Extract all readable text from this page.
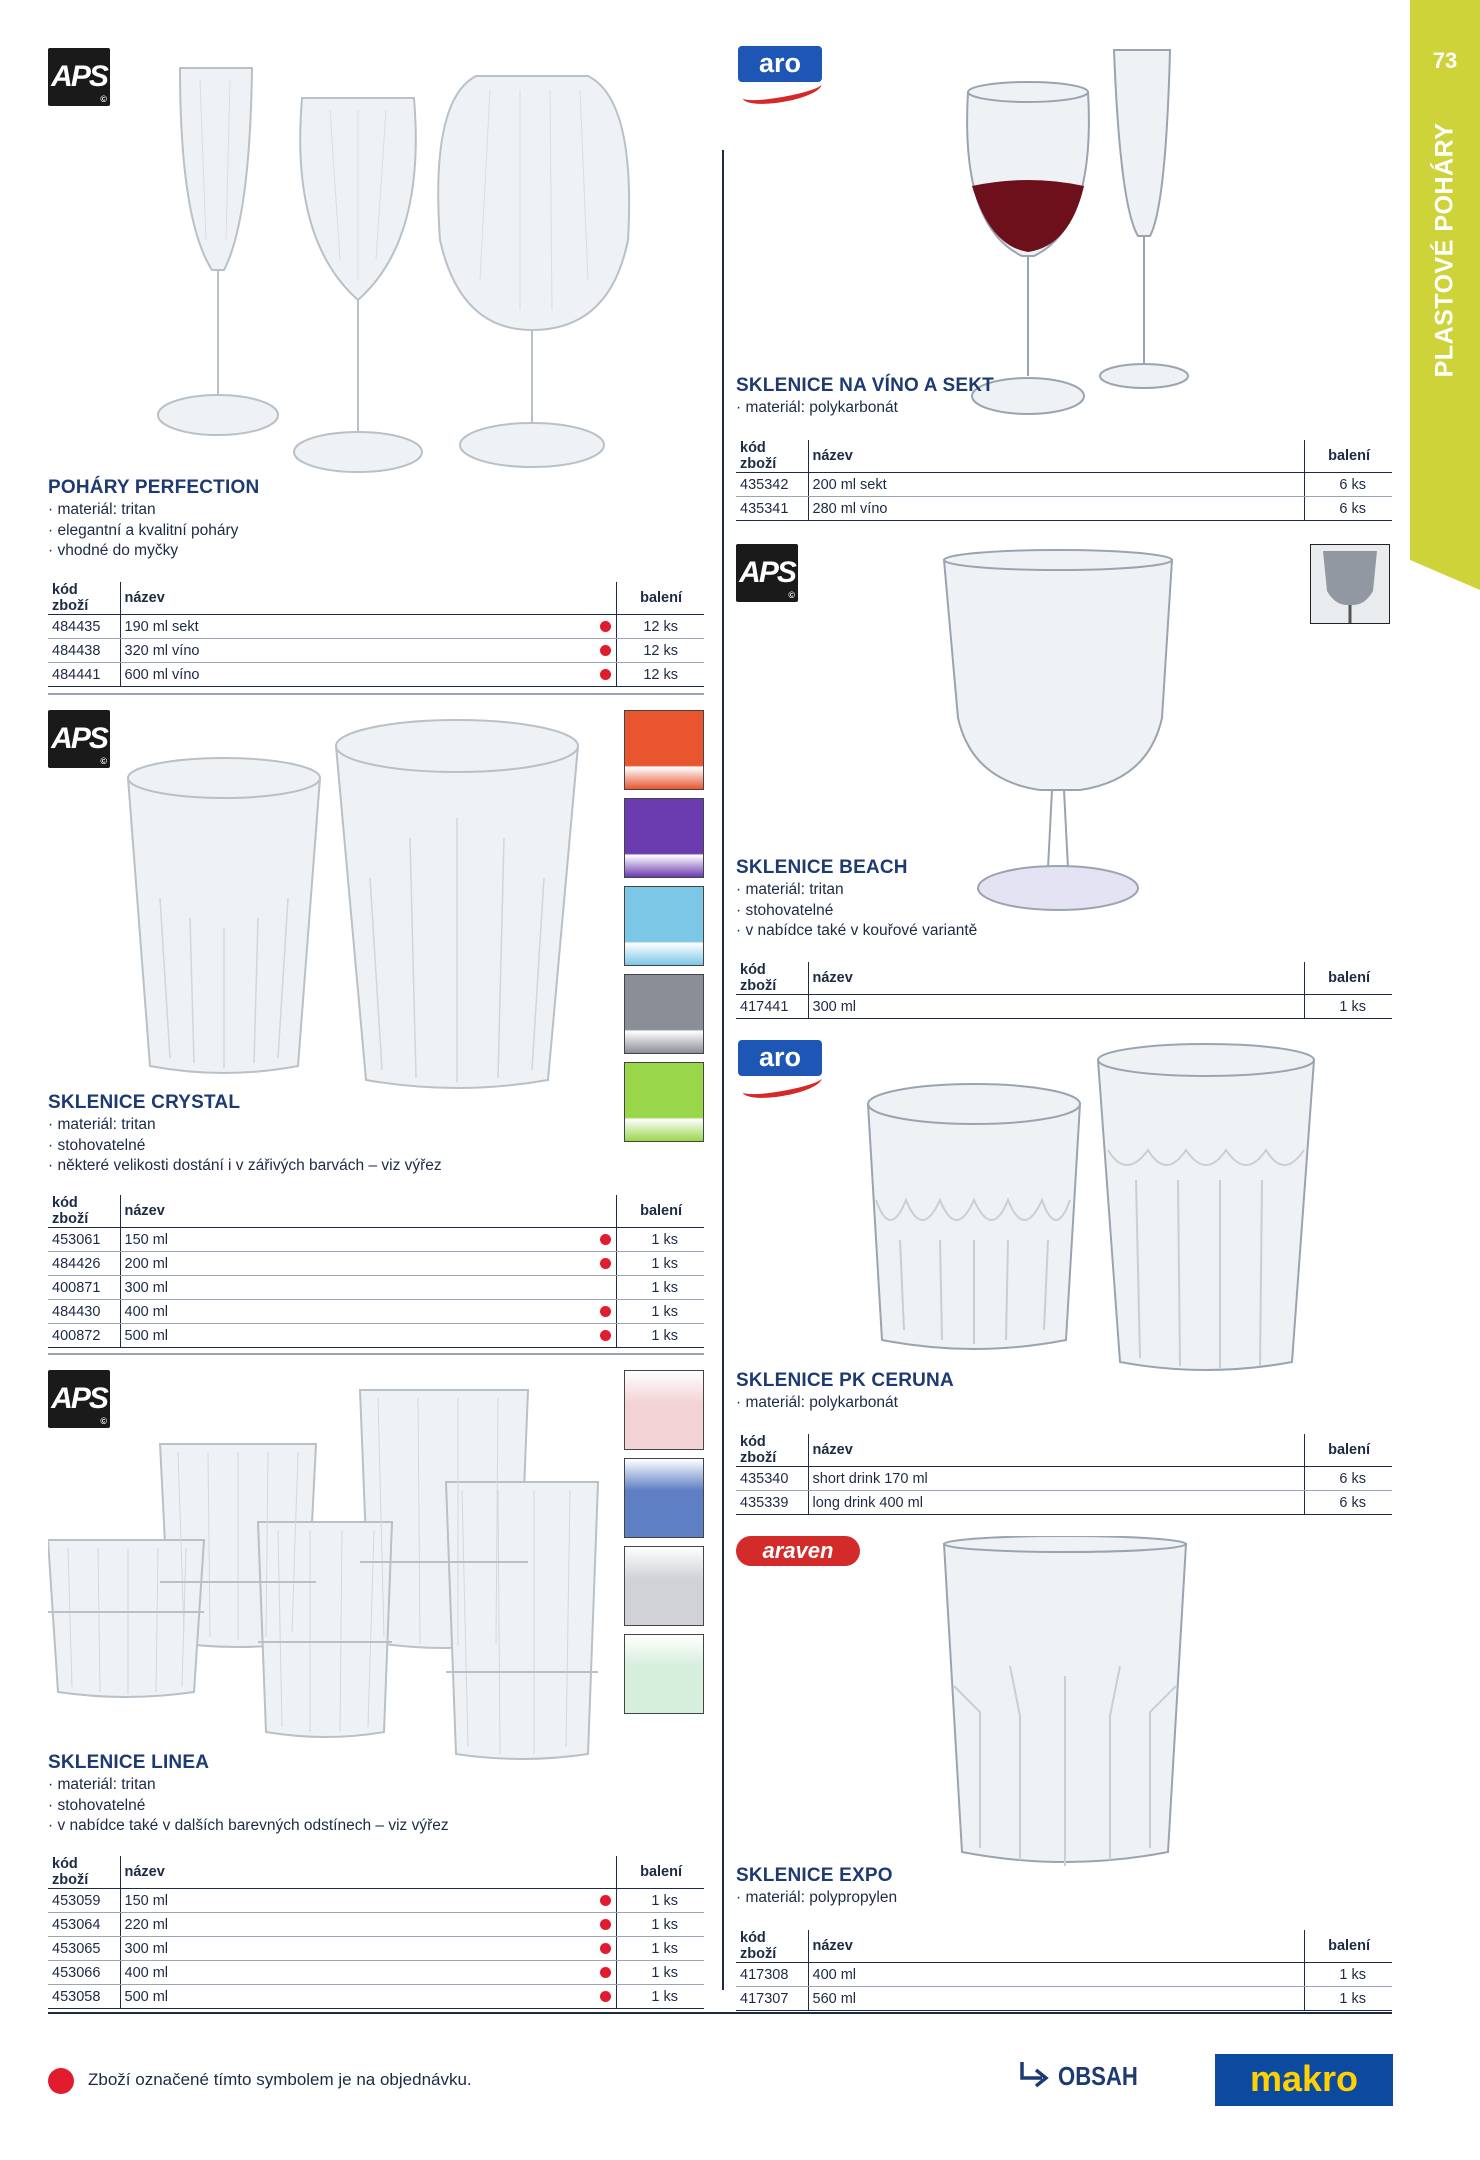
73
PLASTOVÉ POHÁRY
APS
©
POHÁRY PERFECTION
· materiál: tritan
· elegantní a kvalitní poháry
· vhodné do myčky
kód zboží	název		balení
484435	190 ml sekt		12 ks
484438	320 ml víno		12 ks
484441	600 ml víno		12 ks
APS
©
SKLENICE CRYSTAL
· materiál: tritan
· stohovatelné
· některé velikosti dostání i v zářivých barvách – viz výřez
kód zboží	název		balení
453061	150 ml		1 ks
484426	200 ml		1 ks
400871	300 ml		1 ks
484430	400 ml		1 ks
400872	500 ml		1 ks
APS
©
SKLENICE LINEA
· materiál: tritan
· stohovatelné
· v nabídce také v dalších barevných odstínech – viz výřez
kód zboží	název		balení
453059	150 ml		1 ks
453064	220 ml		1 ks
453065	300 ml		1 ks
453066	400 ml		1 ks
453058	500 ml		1 ks
aro
SKLENICE NA VÍNO A SEKT
· materiál: polykarbonát
kód zboží	název	balení
435342	200 ml sekt	6 ks
435341	280 ml víno	6 ks
APS
©
SKLENICE BEACH
· materiál: tritan
· stohovatelné
· v nabídce také v kouřové variantě
kód zboží	název	balení
417441	300 ml	1 ks
aro
SKLENICE PK CERUNA
· materiál: polykarbonát
kód zboží	název	balení
435340	short drink 170 ml	6 ks
435339	long drink 400 ml	6 ks
araven
SKLENICE EXPO
· materiál: polypropylen
kód zboží	název	balení
417308	400 ml	1 ks
417307	560 ml	1 ks
Zboží označené tímto symbolem je na objednávku.	OBSAH	makro
